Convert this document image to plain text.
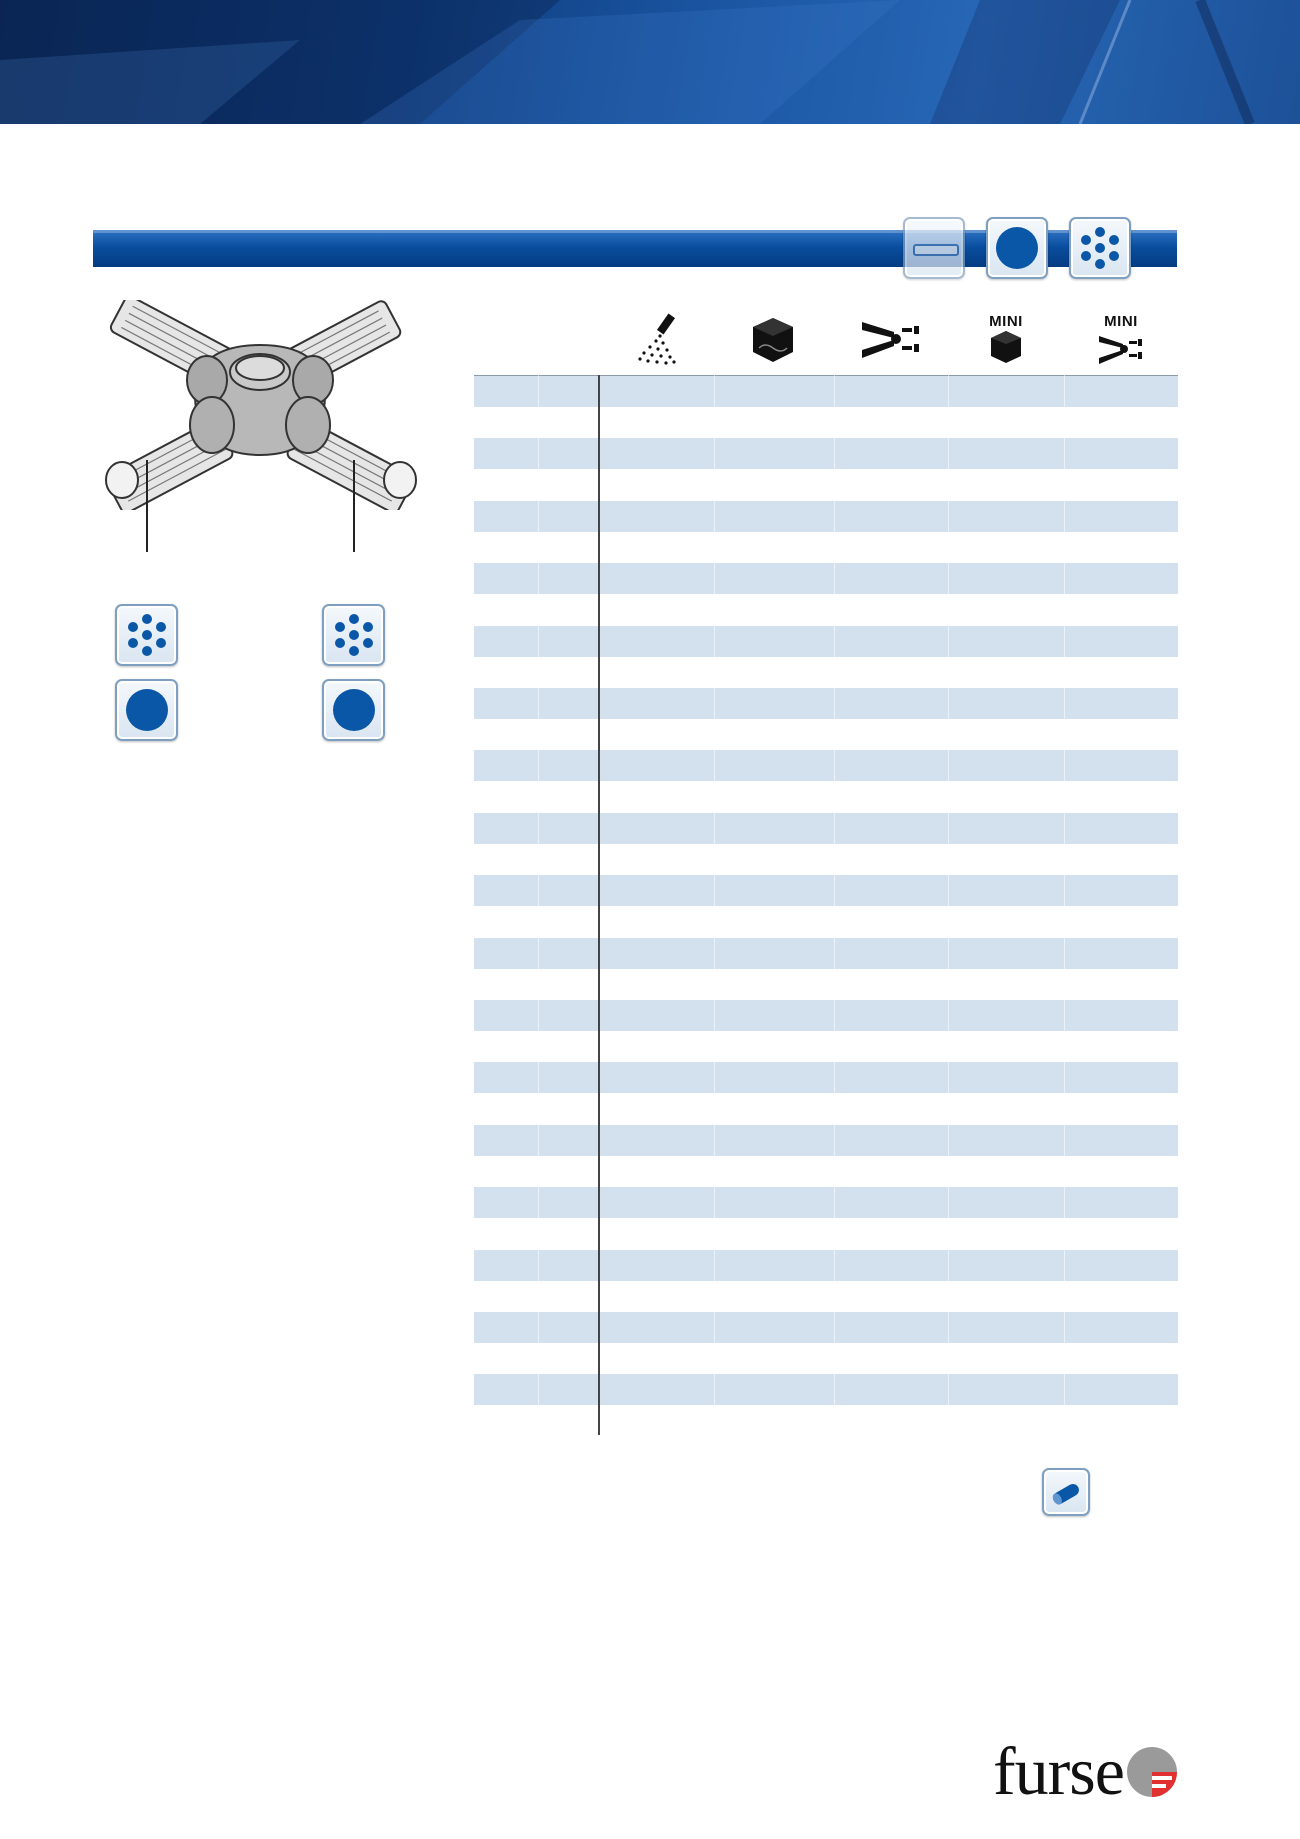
MINI	MINI
furse
